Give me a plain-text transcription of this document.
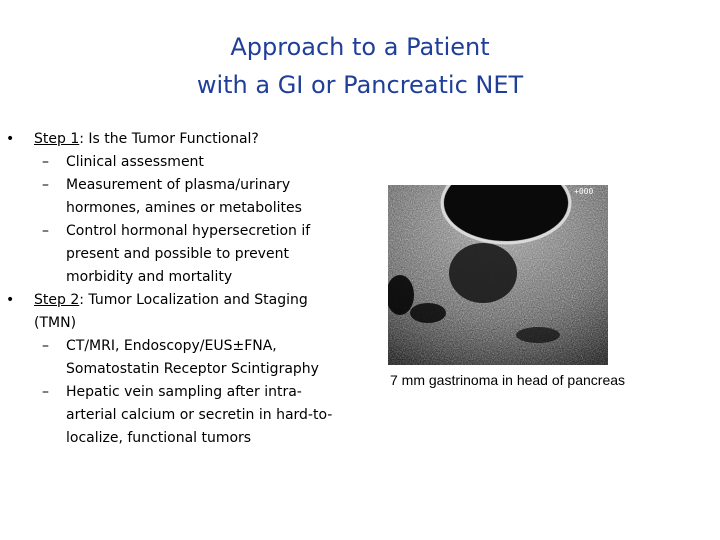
Approach to a Patient
with a GI or Pancreatic NET
• Step 1: Is the Tumor Functional?
– Clinical assessment
– Measurement of plasma/urinary
hormones, amines or metabolites
– Control hormonal hypersecretion if
present and possible to prevent
morbidity and mortality
• Step 2: Tumor Localization and Staging
(TMN)
– CT/MRI, Endoscopy/EUS±FNA,
Somatostatin Receptor Scintigraphy
– Hepatic vein sampling after intra-
arterial calcium or secretin in hard-to-
localize, functional tumors
+000
7 mm gastrinoma in head of pancreas
